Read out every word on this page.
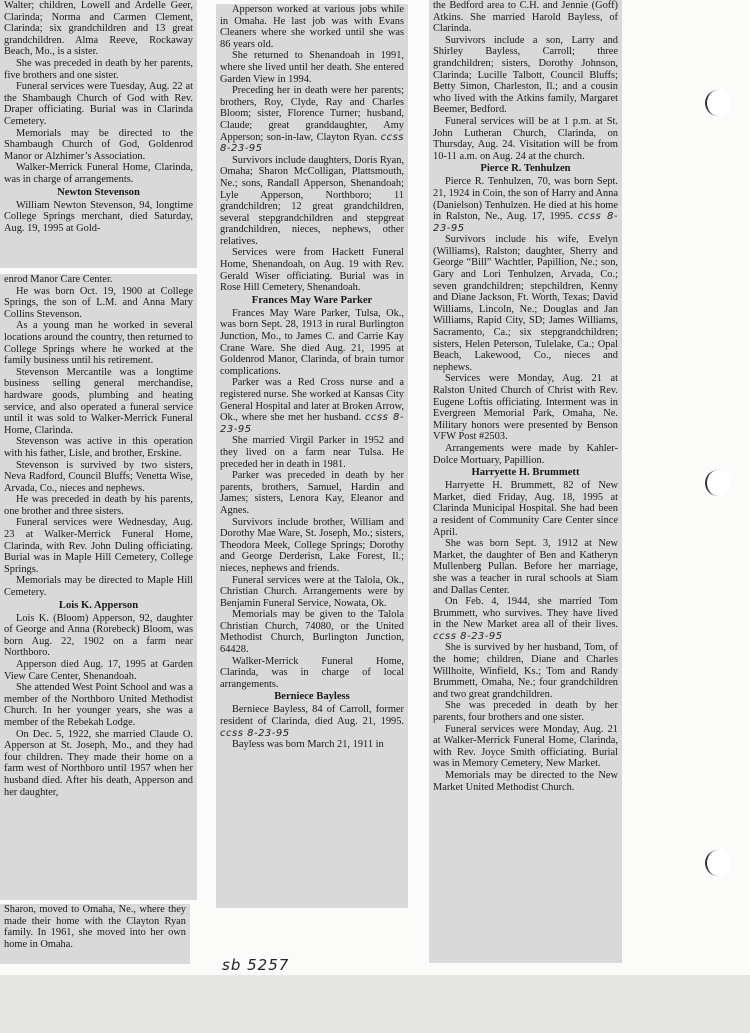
Walter; children, Lowell and Ardelle Geer, Clarinda; Norma and Carmen Clement, Clarinda; six grandchildren and 13 great grandchildren. Alma Reeve, Rockaway Beach, Mo., is a sister.

She was preceded in death by her parents, five brothers and one sister.

Funeral services were Tuesday, Aug. 22 at the Shambaugh Church of God with Rev. Draper officiating. Burial was in Clarinda Cemetery.

Memorials may be directed to the Shambaugh Church of God, Goldenrod Manor or Alzhimer’s Association.

Walker-Merrick Funeral Home, Clarinda, was in charge of arrangements.

Newton Stevenson

William Newton Stevenson, 94, longtime College Springs merchant, died Saturday, Aug. 19, 1995 at Gold-

enrod Manor Care Center.

He was born Oct. 19, 1900 at College Springs, the son of L.M. and Anna Mary Collins Stevenson.

As a young man he worked in several locations around the country, then returned to College Springs where he worked at the family business until his retirement.

Stevenson Mercantile was a longtime business selling general merchandise, hardware goods, plumbing and heating service, and also operated a funeral service until it was sold to Walker-Merrick Funeral Home, Clarinda.

Stevenson was active in this operation with his father, Lisle, and brother, Erskine.

Stevenson is survived by two sisters, Neva Radford, Council Bluffs; Venetta Wise, Arvada, Co., nieces and nephews.

He was preceded in death by his parents, one brother and three sisters.

Funeral services were Wednesday, Aug. 23 at Walker-Merrick Funeral Home, Clarinda, with Rev. John Duling officiating. Burial was in Maple Hill Cemetery, College Springs.

Memorials may be directed to Maple Hill Cemetery.

Lois K. Apperson

Lois K. (Bloom) Apperson, 92, daughter of George and Anna (Rorebeck) Bloom, was born Aug. 22, 1902 on a farm near Northboro.

Apperson died Aug. 17, 1995 at Garden View Care Center, Shenandoah.

She attended West Point School and was a member of the Northboro United Methodist Church. In her younger years, she was a member of the Rebekah Lodge.

On Dec. 5, 1922, she married Claude O. Apperson at St. Joseph, Mo., and they had four children. They made their home on a farm west of Northboro until 1957 when her husband died. After his death, Apperson and her daughter,

Sharon, moved to Omaha, Ne., where they made their home with the Clayton Ryan family. In 1961, she moved into her own home in Omaha.

Apperson worked at various jobs while in Omaha. He last job was with Evans Cleaners where she worked until she was 86 years old.

She returned to Shenandoah in 1991, where she lived until her death. She entered Garden View in 1994.

Preceding her in death were her parents; brothers, Roy, Clyde, Ray and Charles Bloom; sister, Florence Turner; husband, Claude; great granddaughter, Amy Apperson; son-in-law, Clayton Ryan. ccss 8-23-95

Survivors include daughters, Doris Ryan, Omaha; Sharon McColligan, Plattsmouth, Ne.; sons, Randall Apperson, Shenandoah; Lyle Apperson, Northboro; 11 grandchildren; 12 great grandchildren, several stepgrandchildren and stepgreat grandchildren, nieces, nephews, other relatives.

Services were from Hackett Funeral Home, Shenandoah, on Aug. 19 with Rev. Gerald Wiser officiating. Burial was in Rose Hill Cemetery, Shenandoah.

Frances May Ware Parker

Frances May Ware Parker, Tulsa, Ok., was born Sept. 28, 1913 in rural Burlington Junction, Mo., to James C. and Carrie Kay Crane Ware. She died Aug. 21, 1995 at Goldenrod Manor, Clarinda, of brain tumor complications.

Parker was a Red Cross nurse and a registered nurse. She worked at Kansas City General Hospital and later at Broken Arrow, Ok., where she met her husband. ccss 8-23-95

She married Virgil Parker in 1952 and they lived on a farm near Tulsa. He preceded her in death in 1981.

Parker was preceded in death by her parents, brothers, Samuel, Hardin and James; sisters, Lenora Kay, Eleanor and Agnes.

Survivors include brother, William and Dorothy Mae Ware, St. Joseph, Mo.; sisters, Theodora Meek, College Springs; Dorothy and George Derderisn, Lake Forest, Il.; nieces, nephews and friends.

Funeral services were at the Talola, Ok., Christian Church. Arrangements were by Benjamin Funeral Service, Nowata, Ok.

Memorials may be given to the Talola Christian Church, 74080, or the United Methodist Church, Burlington Junction, 64428.

Walker-Merrick Funeral Home, Clarinda, was in charge of local arrangements.

Berniece Bayless

Berniece Bayless, 84 of Carroll, former resident of Clarinda, died Aug. 21, 1995. ccss 8-23-95

Bayless was born March 21, 1911 in

the Bedford area to C.H. and Jennie (Goff) Atkins. She married Harold Bayless, of Clarinda.

Survivors include a son, Larry and Shirley Bayless, Carroll; three grandchildren; sisters, Dorothy Johnson, Clarinda; Lucille Talbott, Council Bluffs; Betty Simon, Charleston, Il.; and a cousin who lived with the Atkins family, Margaret Beemer, Bedford.

Funeral services will be at 1 p.m. at St. John Lutheran Church, Clarinda, on Thursday, Aug. 24. Visitation will be from 10-11 a.m. on Aug. 24 at the church.

Pierce R. Tenhulzen

Pierce R. Tenhulzen, 70, was born Sept. 21, 1924 in Coin, the son of Harry and Anna (Danielson) Tenhulzen. He died at his home in Ralston, Ne., Aug. 17, 1995. ccss 8-23-95

Survivors include his wife, Evelyn (Williams), Ralston; daughter, Sherry and George “Bill” Wachtler, Papillion, Ne.; son, Gary and Lori Tenhulzen, Arvada, Co.; seven grandchildren; stepchildren, Kenny and Diane Jackson, Ft. Worth, Texas; David Williams, Lincoln, Ne.; Douglas and Jan Williams, Rapid City, SD; James Williams, Sacramento, Ca.; six stepgrandchildren; sisters, Helen Peterson, Tulelake, Ca.; Opal Beach, Lakewood, Co., nieces and nephews.

Services were Monday, Aug. 21 at Ralston United Church of Christ with Rev. Eugene Loftis officiating. Interment was in Evergreen Memorial Park, Omaha, Ne. Military honors were presented by Benson VFW Post #2503.

Arrangements were made by Kahler-Dolce Mortuary, Papillion.

Harryette H. Brummett

Harryette H. Brummett, 82 of New Market, died Friday, Aug. 18, 1995 at Clarinda Municipal Hospital. She had been a resident of Community Care Center since April.

She was born Sept. 3, 1912 at New Market, the daughter of Ben and Katheryn Mullenberg Pullan. Before her marriage, she was a teacher in rural schools at Siam and Dallas Center.

On Feb. 4, 1944, she married Tom Brummett, who survives. They have lived in the New Market area all of their lives. ccss 8-23-95

She is survived by her husband, Tom, of the home; children, Diane and Charles Willhoite, Winfield, Ks.; Tom and Randy Brummett, Omaha, Ne.; four grandchildren and two great grandchildren.

She was preceded in death by her parents, four brothers and one sister.

Funeral services were Monday, Aug. 21 at Walker-Merrick Funeral Home, Clarinda, with Rev. Joyce Smith officiating. Burial was in Memory Cemetery, New Market.

Memorials may be directed to the New Market United Methodist Church.

sb 5257
